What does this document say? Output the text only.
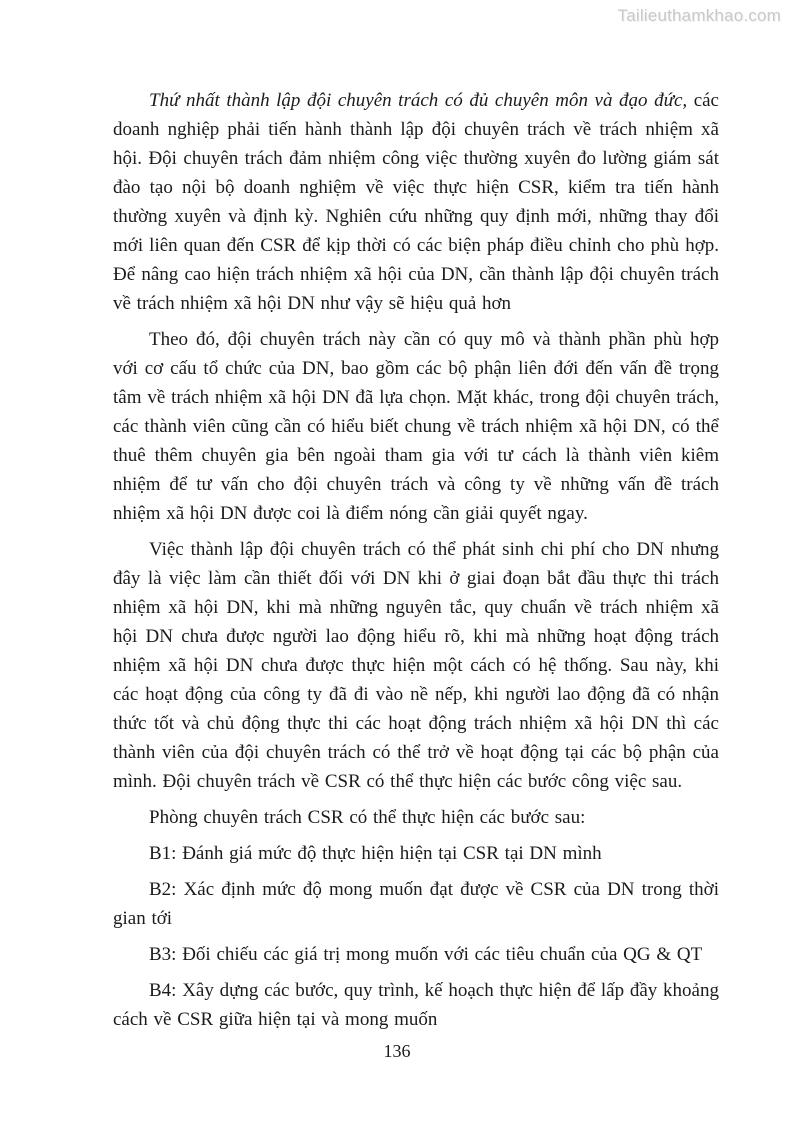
Tailieuthamkhao.com

Thứ nhất thành lập đội chuyên trách có đủ chuyên môn và đạo đức, các doanh nghiệp phải tiến hành thành lập đội chuyên trách về trách nhiệm xã hội. Đội chuyên trách đảm nhiệm công việc thường xuyên đo lường giám sát đào tạo nội bộ doanh nghiệm về việc thực hiện CSR, kiểm tra tiến hành thường xuyên và định kỳ. Nghiên cứu những quy định mới, những thay đổi mới liên quan đến CSR để kịp thời có các biện pháp điều chỉnh cho phù hợp. Để nâng cao hiện trách nhiệm xã hội của DN, cần thành lập đội chuyên trách về trách nhiệm xã hội DN như vậy sẽ hiệu quả hơn

Theo đó, đội chuyên trách này cần có quy mô và thành phần phù hợp với cơ cấu tổ chức của DN, bao gồm các bộ phận liên đới đến vấn đề trọng tâm về trách nhiệm xã hội DN đã lựa chọn. Mặt khác, trong đội chuyên trách, các thành viên cũng cần có hiểu biết chung về trách nhiệm xã hội DN, có thể thuê thêm chuyên gia bên ngoài tham gia với tư cách là thành viên kiêm nhiệm để tư vấn cho đội chuyên trách và công ty về những vấn đề trách nhiệm xã hội DN được coi là điểm nóng cần giải quyết ngay.

Việc thành lập đội chuyên trách có thể phát sinh chi phí cho DN nhưng đây là việc làm cần thiết đối với DN khi ở giai đoạn bắt đầu thực thi trách nhiệm xã hội DN, khi mà những nguyên tắc, quy chuẩn về trách nhiệm xã hội DN chưa được người lao động hiểu rõ, khi mà những hoạt động trách nhiệm xã hội DN chưa được thực hiện một cách có hệ thống. Sau này, khi các hoạt động của công ty đã đi vào nề nếp, khi người lao động đã có nhận thức tốt và chủ động thực thi các hoạt động trách nhiệm xã hội DN thì các thành viên của đội chuyên trách có thể trở về hoạt động tại các bộ phận của mình. Đội chuyên trách về CSR có thể thực hiện các bước công việc sau.

Phòng chuyên trách CSR có thể thực hiện các bước sau:

B1: Đánh giá mức độ thực hiện hiện tại CSR tại DN mình

B2: Xác định mức độ mong muốn đạt được về CSR của DN trong thời gian tới

B3: Đối chiếu các giá trị mong muốn với các tiêu chuẩn của QG & QT

B4: Xây dựng các bước, quy trình, kế hoạch thực hiện để lấp đầy khoảng cách về CSR giữa hiện tại và mong muốn

136
